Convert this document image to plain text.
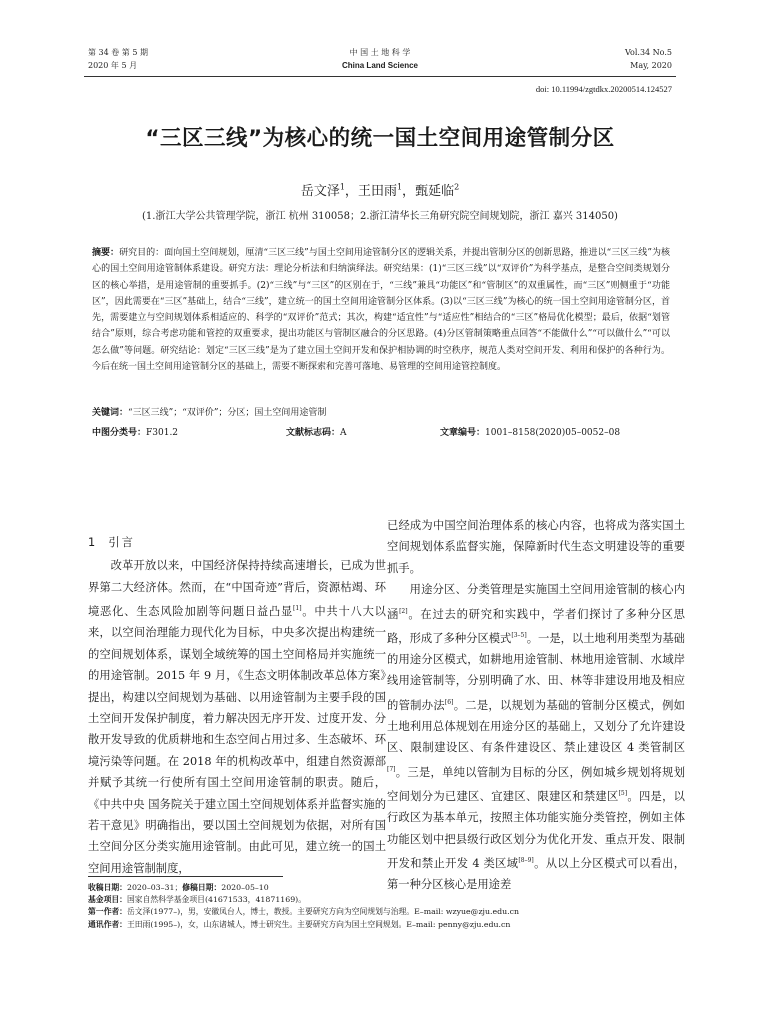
第 34 卷 第 5 期
2020 年 5 月
中 国 土 地 科 学
China Land Science
Vol.34 No.5
May, 2020
doi: 10.11994/zgtdkx.20200514.124527
“三区三线”为核心的统一国土空间用途管制分区
岳文泽$^1$，王田雨$^1$，甄延临$^2$
(1.浙江大学公共管理学院，浙江 杭州 310058；2.浙江清华长三角研究院空间规划院，浙江 嘉兴 314050)
摘要：研究目的：面向国土空间规划，厘清“三区三线”与国土空间用途管制分区的逻辑关系，并提出管制分区的创新思路，推进以“三区三线”为核心的国土空间用途管制体系建设。研究方法：理论分析法和归纳演绎法。研究结果：(1)“三区三线”以“双评价”为科学基点，是整合空间类规划分区的核心举措，是用途管制的重要抓手。(2)“三线”与“三区”的区别在于，“三线”兼具“功能区”和“管制区”的双重属性，而“三区”则侧重于“功能区”，因此需要在“三区”基础上，结合“三线”，建立统一的国土空间用途管制分区体系。(3)以“三区三线”为核心的统一国土空间用途管制分区，首先，需要建立与空间规划体系相适应的、科学的“双评价”范式；其次，构建“适宜性”与“适应性”相结合的“三区”格局优化模型；最后，依据“划管结合”原则，综合考虑功能和管控的双重要求，提出功能区与管制区融合的分区思路。(4)分区管制策略重点回答“不能做什么”“可以做什么”“可以怎么做”等问题。研究结论：划定“三区三线”是为了建立国土空间开发和保护相协调的时空秩序，规范人类对空间开发、利用和保护的各种行为。今后在统一国土空间用途管制分区的基础上，需要不断探索和完善可落地、易管理的空间用途管控制度。
关键词：“三区三线”；“双评价”；分区；国土空间用途管制
中图分类号：F301.2	文献标志码：A	文章编号：1001–8158(2020)05–0052–08
1 引言

改革开放以来，中国经济保持持续高速增长，已成为世界第二大经济体。然而，在“中国奇迹”背后，资源枯竭、环境恶化、生态风险加剧等问题日益凸显[1]。中共十八大以来，以空间治理能力现代化为目标，中央多次提出构建统一的空间规划体系，谋划全域统筹的国土空间格局并实施统一的用途管制。2015 年 9 月，《生态文明体制改革总体方案》提出，构建以空间规划为基础、以用途管制为主要手段的国土空间开发保护制度，着力解决因无序开发、过度开发、分散开发导致的优质耕地和生态空间占用过多、生态破坏、环境污染等问题。在 2018 年的机构改革中，组建自然资源部并赋予其统一行使所有国土空间用途管制的职责。随后，《中共中央 国务院关于建立国土空间规划体系并监督实施的若干意见》明确指出，要以国土空间规划为依据，对所有国土空间分区分类实施用途管制。由此可见，建立统一的国土空间用途管制制度，

已经成为中国空间治理体系的核心内容，也将成为落实国土空间规划体系监督实施，保障新时代生态文明建设等的重要抓手。

用途分区、分类管理是实施国土空间用途管制的核心内涵[2]。在过去的研究和实践中，学者们探讨了多种分区思路，形成了多种分区模式[3–5]。一是，以土地利用类型为基础的用途分区模式，如耕地用途管制、林地用途管制、水域岸线用途管制等，分别明确了水、田、林等非建设用地及相应的管制办法[6]。二是，以规划为基础的管制分区模式，例如土地利用总体规划在用途分区的基础上，又划分了允许建设区、限制建设区、有条件建设区、禁止建设区 4 类管制区[7]。三是，单纯以管制为目标的分区，例如城乡规划将规划空间划分为已建区、宜建区、限建区和禁建区[5]。四是，以行政区为基本单元，按照主体功能实施分类管控，例如主体功能区划中把县级行政区划分为优化开发、重点开发、限制开发和禁止开发 4 类区域[8–9]。从以上分区模式可以看出，第一种分区核心是用途差

收稿日期：2020–03–31；修稿日期：2020–05–10
基金项目：国家自然科学基金项目(41671533，41871169)。
第一作者：岳文泽(1977–)，男，安徽凤台人，博士，教授。主要研究方向为空间规划与治理。E–mail: wzyue@zju.edu.cn
通讯作者：王田雨(1995–)，女，山东诸城人，博士研究生。主要研究方向为国土空间规划。E–mail: penny@zju.edu.cn
